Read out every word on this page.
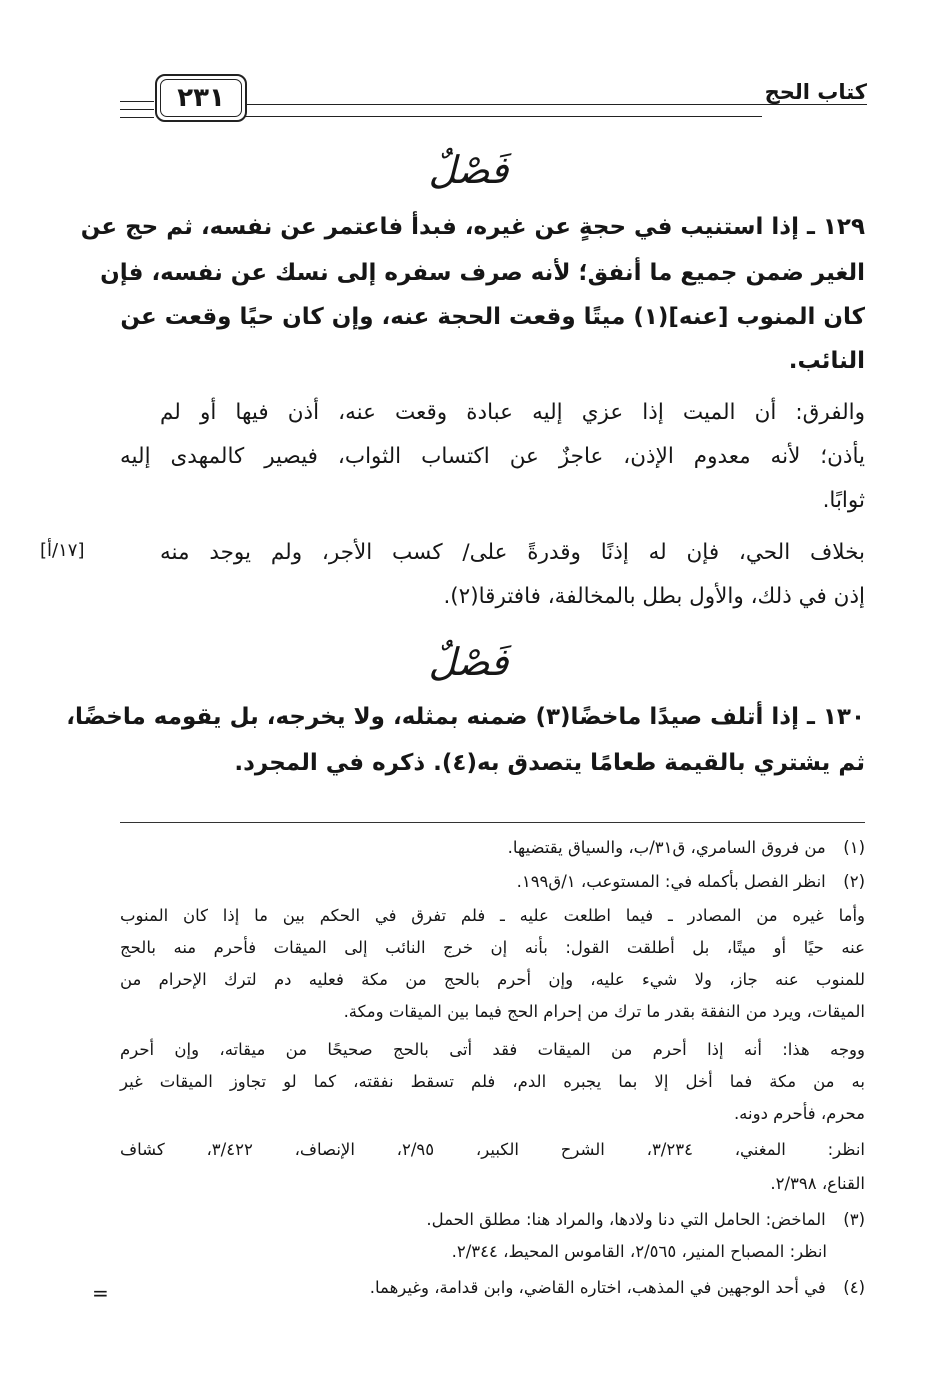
كتاب الحج
٢٣١
فَصْلٌ
١٢٩ ـ إذا استنيب في حجةٍ عن غيره، فبدأ فاعتمر عن نفسه، ثم حج عن
الغير ضمن جميع ما أنفق؛ لأنه صرف سفره إلى نسك عن نفسه، فإن
كان المنوب [عنه](١) ميتًا وقعت الحجة عنه، وإن كان حيًا وقعت عن
النائب.
والفرق: أن الميت إذا عزي إليه عبادة وقعت عنه، أذن فيها أو لم
يأذن؛ لأنه معدوم الإذن، عاجزٌ عن اكتساب الثواب، فيصير كالمهدى إليه
ثوابًا.
بخلاف الحي، فإن له إذنًا وقدرةً على/ كسب الأجر، ولم يوجد منه
إذن في ذلك، والأول بطل بالمخالفة، فافترقا(٢).
[١٧/أ]
فَصْلٌ
١٣٠ ـ إذا أتلف صيدًا ماخضًا(٣) ضمنه بمثله، ولا يخرجه، بل يقومه ماخضًا،
ثم يشتري بالقيمة طعامًا يتصدق به(٤). ذكره في المجرد.
(١) من فروق السامري، ق٣١/ب، والسياق يقتضيها.
(٢) انظر الفصل بأكمله في: المستوعب، ١/ق١٩٩.
وأما غيره من المصادر ـ فيما اطلعت عليه ـ فلم تفرق في الحكم بين ما إذا كان المنوب
عنه حيًا أو ميتًا، بل أطلقت القول: بأنه إن خرج النائب إلى الميقات فأحرم منه بالحج
للمنوب عنه جاز، ولا شيء عليه، وإن أحرم بالحج من مكة فعليه دم لترك الإحرام من
الميقات، ويرد من النفقة بقدر ما ترك من إحرام الحج فيما بين الميقات ومكة.
ووجه هذا: أنه إذا أحرم من الميقات فقد أتى بالحج صحيحًا من ميقاته، وإن أحرم
به من مكة فما أخل إلا بما يجبره الدم، فلم تسقط نفقته، كما لو تجاوز الميقات غير
محرم، فأحرم دونه.
انظر: المغني، ٣/٢٣٤، الشرح الكبير، ٢/٩٥، الإنصاف، ٣/٤٢٢، كشاف
القناع، ٢/٣٩٨.
(٣) الماخض: الحامل التي دنا ولادها، والمراد هنا: مطلق الحمل.
انظر: المصباح المنير، ٢/٥٦٥، القاموس المحيط، ٢/٣٤٤.
(٤) في أحد الوجهين في المذهب، اختاره القاضي، وابن قدامة، وغيرهما.
=
